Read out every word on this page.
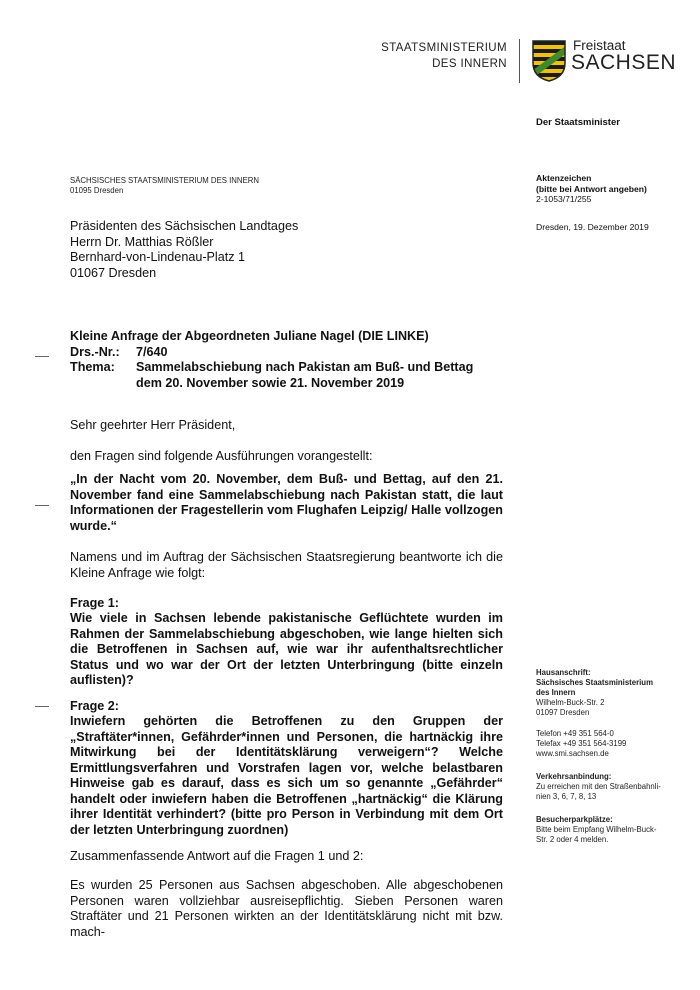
STAATSMINISTERIUM
DES INNERN
Freistaat
SACHSEN
Der Staatsminister
SÄCHSISCHES STAATSMINISTERIUM DES INNERN
01095 Dresden
Präsidenten des Sächsischen Landtages
Herrn Dr. Matthias Rößler
Bernhard-von-Lindenau-Platz 1
01067 Dresden
Aktenzeichen
(bitte bei Antwort angeben)
2-1053/71/255
Dresden, 19. Dezember 2019
Kleine Anfrage der Abgeordneten Juliane Nagel (DIE LINKE)
Drs.-Nr.:	7/640
Thema:	Sammelabschiebung nach Pakistan am Buß- und Bettag
dem 20. November sowie 21. November 2019
Sehr geehrter Herr Präsident,
den Fragen sind folgende Ausführungen vorangestellt:
„In der Nacht vom 20. November, dem Buß- und Bettag, auf den 21. November fand eine Sammelabschiebung nach Pakistan statt, die laut Informationen der Fragestellerin vom Flughafen Leipzig/ Halle vollzogen wurde.“
Namens und im Auftrag der Sächsischen Staatsregierung beantworte ich die Kleine Anfrage wie folgt:
Frage 1:
Wie viele in Sachsen lebende pakistanische Geflüchtete wurden im Rahmen der Sammelabschiebung abgeschoben, wie lange hielten sich die Betroffenen in Sachsen auf, wie war ihr aufenthaltsrechtlicher Status und wo war der Ort der letzten Unterbringung (bitte einzeln auflisten)?
Frage 2:
Inwiefern gehörten die Betroffenen zu den Gruppen der „Straftäter*innen, Gefährder*innen und Personen, die hartnäckig ihre Mitwirkung bei der Identitätsklärung verweigern“? Welche Ermittlungsverfahren und Vorstrafen lagen vor, welche belastbaren Hinweise gab es darauf, dass es sich um so genannte „Gefährder“ handelt oder inwiefern haben die Betroffenen „hartnäckig“ die Klärung ihrer Identität verhindert? (bitte pro Person in Verbindung mit dem Ort der letzten Unterbringung zuordnen)
Zusammenfassende Antwort auf die Fragen 1 und 2:
Es wurden 25 Personen aus Sachsen abgeschoben. Alle abgeschobenen Personen waren vollziehbar ausreisepflichtig. Sieben Personen waren Straftäter und 21 Personen wirkten an der Identitätsklärung nicht mit bzw. mach-
Hausanschrift:
Sächsisches Staatsministerium
des Innern
Wilhelm-Buck-Str. 2
01097 Dresden
Telefon +49 351 564-0
Telefax +49 351 564-3199
www.smi.sachsen.de
Verkehrsanbindung:
Zu erreichen mit den Straßenbahnli-
nien 3, 6, 7, 8, 13
Besucherparkplätze:
Bitte beim Empfang Wilhelm-Buck-
Str. 2 oder 4 melden.
